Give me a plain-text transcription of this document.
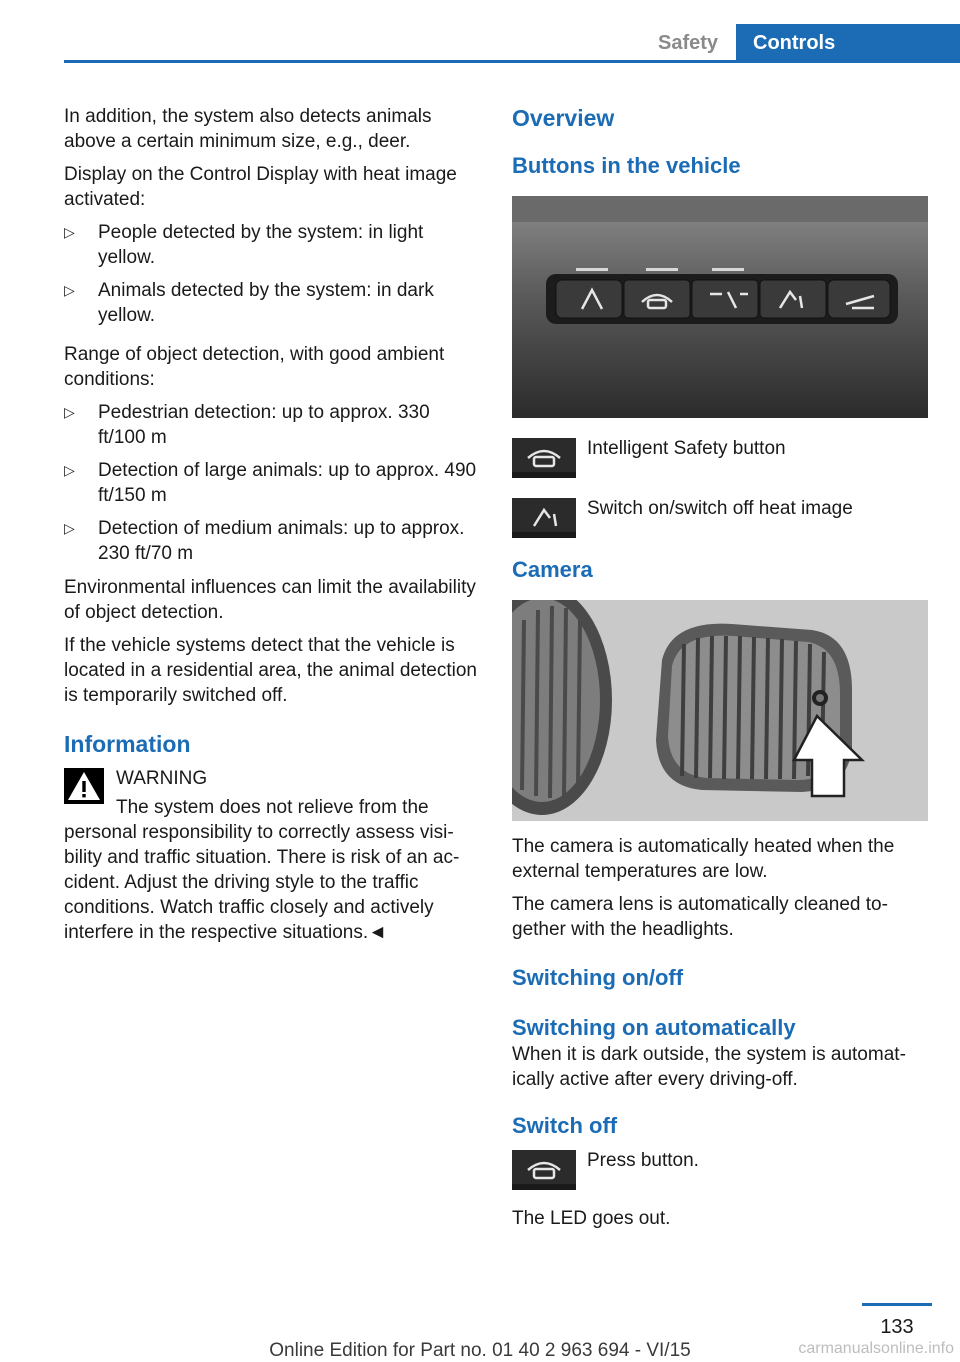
Safety	Controls

In addition, the system also detects animals above a certain minimum size, e.g., deer.

Display on the Control Display with heat image activated:

▷ People detected by the system: in light yellow.
▷ Animals detected by the system: in dark yellow.

Range of object detection, with good ambient conditions:

▷ Pedestrian detection: up to approx. 330 ft/100 m
▷ Detection of large animals: up to approx. 490 ft/150 m
▷ Detection of medium animals: up to approx. 230 ft/70 m

Environmental influences can limit the availability of object detection.

If the vehicle systems detect that the vehicle is located in a residential area, the animal detection is temporarily switched off.

Information
WARNING
The system does not relieve from the personal responsibility to correctly assess visibility and traffic situation. There is risk of an accident. Adjust the driving style to the traffic conditions. Watch traffic closely and actively interfere in the respective situations.◄
Overview
Buttons in the vehicle
Intelligent Safety button
Switch on/switch off heat image
Camera

The camera is automatically heated when the external temperatures are low.

The camera lens is automatically cleaned together with the headlights.

Switching on/off
Switching on automatically

When it is dark outside, the system is automatically active after every driving-off.

Switch off
Press button.

The LED goes out.

133
Online Edition for Part no. 01 40 2 963 694 - VI/15	carmanualsonline.info
